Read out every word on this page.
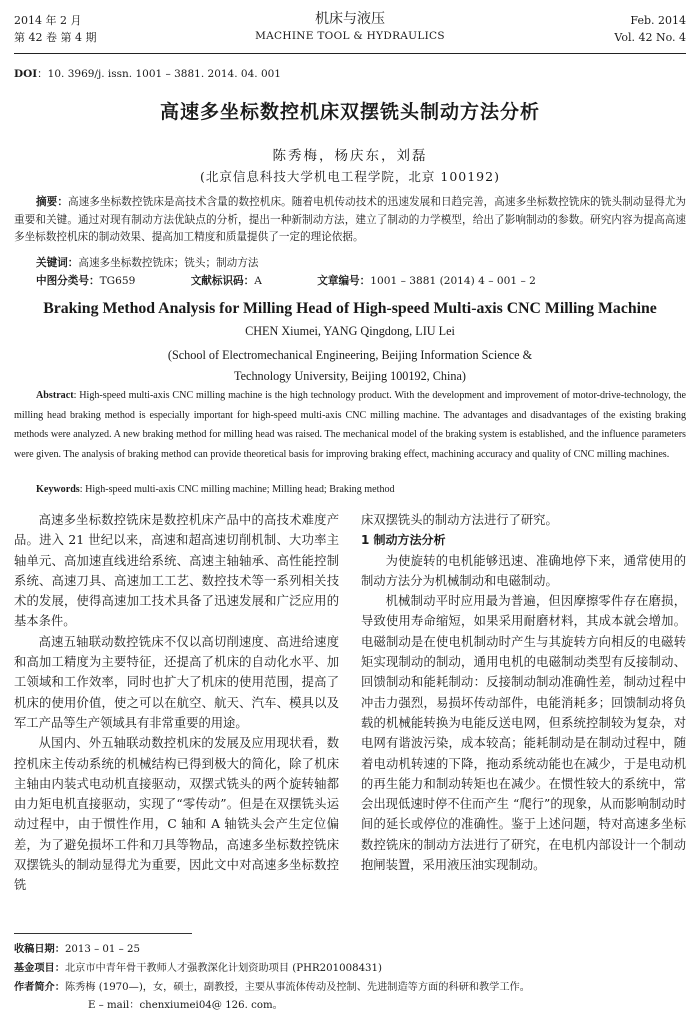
2014 年 2 月
第 42 卷 第 4 期
机床与液压
MACHINE TOOL & HYDRAULICS
Feb. 2014
Vol. 42 No. 4
DOI：10. 3969/j. issn. 1001 – 3881. 2014. 04. 001
高速多坐标数控机床双摆铣头制动方法分析
陈秀梅，杨庆东，刘磊
(北京信息科技大学机电工程学院，北京 100192)
摘要：高速多坐标数控铣床是高技术含量的数控机床。随着电机传动技术的迅速发展和日趋完善，高速多坐标数控铣床的铣头制动显得尤为重要和关键。通过对现有制动方法优缺点的分析，提出一种新制动方法，建立了制动的力学模型，给出了影响制动的参数。研究内容为提高高速多坐标数控机床的制动效果、提高加工精度和质量提供了一定的理论依据。
关键词：高速多坐标数控铣床；铣头；制动方法
中图分类号：TG659	文献标识码：A	文章编号：1001 – 3881 (2014) 4 – 001 – 2
Braking Method Analysis for Milling Head of High-speed Multi-axis CNC Milling Machine
CHEN Xiumei, YANG Qingdong, LIU Lei
(School of Electromechanical Engineering, Beijing Information Science &
Technology University, Beijing 100192, China)
Abstract: High-speed multi-axis CNC milling machine is the high technology product. With the development and improvement of motor-drive-technology, the milling head braking method is especially important for high-speed multi-axis CNC milling machine. The advantages and disadvantages of the existing braking methods were analyzed. A new braking method for milling head was raised. The mechanical model of the braking system is established, and the influence parameters were given. The analysis of braking method can provide theoretical basis for improving braking effect, machining accuracy and quality of CNC milling machines.
Keywords: High-speed multi-axis CNC milling machine; Milling head; Braking method

高速多坐标数控铣床是数控机床产品中的高技术难度产品。进入 21 世纪以来，高速和超高速切削机制、大功率主轴单元、高加速直线进给系统、高速主轴轴承、高性能控制系统、高速刀具、高速加工工艺、数控技术等一系列相关技术的发展，使得高速加工技术具备了迅速发展和广泛应用的基本条件。

高速五轴联动数控铣床不仅以高切削速度、高进给速度和高加工精度为主要特征，还提高了机床的自动化水平、加工领域和工作效率，同时也扩大了机床的使用范围，提高了机床的使用价值，使之可以在航空、航天、汽车、模具以及军工产品等生产领域具有非常重要的用途。

从国内、外五轴联动数控机床的发展及应用现状看，数控机床主传动系统的机械结构已得到极大的简化，除了机床主轴由内装式电动机直接驱动，双摆式铣头的两个旋转轴都由力矩电机直接驱动，实现了“零传动”。但是在双摆铣头运动过程中，由于惯性作用，C 轴和 A 轴铣头会产生定位偏差，为了避免损坏工件和刀具等物品，高速多坐标数控铣床双摆铣头的制动显得尤为重要，因此文中对高速多坐标数控铣

床双摆铣头的制动方法进行了研究。
1 制动方法分析

为使旋转的电机能够迅速、准确地停下来，通常使用的制动方法分为机械制动和电磁制动。

机械制动平时应用最为普遍，但因摩擦零件存在磨损，导致使用寿命缩短，如果采用耐磨材料，其成本就会增加。电磁制动是在使电机制动时产生与其旋转方向相反的电磁转矩实现制动的制动，通用电机的电磁制动类型有反接制动、回馈制动和能耗制动：反接制动制动准确性差，制动过程中冲击力强烈，易损坏传动部件，电能消耗多；回馈制动将负载的机械能转换为电能反送电网，但系统控制较为复杂，对电网有谐波污染，成本较高；能耗制动是在制动过程中，随着电动机转速的下降，拖动系统动能也在减少，于是电动机的再生能力和制动转矩也在减少。在惯性较大的系统中，常会出现低速时停不住而产生 “爬行”的现象，从而影响制动时间的延长或停位的准确性。鉴于上述问题，特对高速多坐标数控铣床的制动方法进行了研究，在电机内部设计一个制动抱闸装置，采用液压油实现制动。

收稿日期：2013 – 01 – 25
基金项目：北京市中青年骨干教师人才强教深化计划资助项目 (PHR201008431)
作者简介：陈秀梅 (1970—)，女，硕士，副教授，主要从事流体传动及控制、先进制造等方面的科研和教学工作。
E – mail：chenxiumei04@ 126. com。
